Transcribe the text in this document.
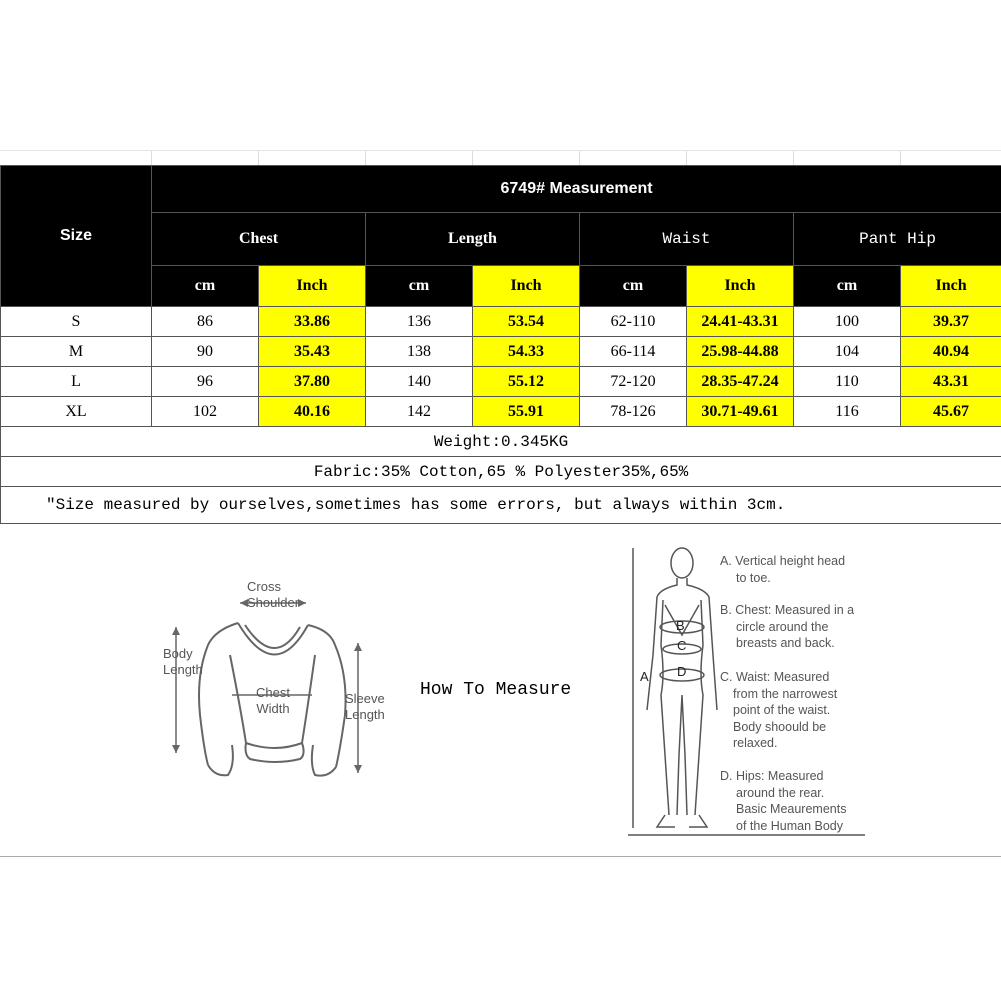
Size	6749# Measurement							
	Chest		Length		Waist		Pant Hip	
	cm	Inch	cm	Inch	cm	Inch	cm	Inch
S	86	33.86	136	53.54	62-110	24.41-43.31	100	39.37
M	90	35.43	138	54.33	66-114	25.98-44.88	104	40.94
L	96	37.80	140	55.12	72-120	28.35-47.24	110	43.31
XL	102	40.16	142	55.91	78-126	30.71-49.61	116	45.67
Weight:0.345KG								
Fabric:35% Cotton,65 % Polyester35%,65%								
"Size measured by ourselves,sometimes has some errors, but always within 3cm.								
Cross
Shoulder
Body
Length
Chest
Width
Sleeve
Length
How To Measure
A
B
C
D
A. Vertical height head
to toe.
B. Chest: Measured in a
circle around the
breasts and back.
C. Waist: Measured
from the narrowest
point of the waist.
Body shoould be
relaxed.
D. Hips: Measured
around the rear.
Basic Meaurements
of the Human Body
